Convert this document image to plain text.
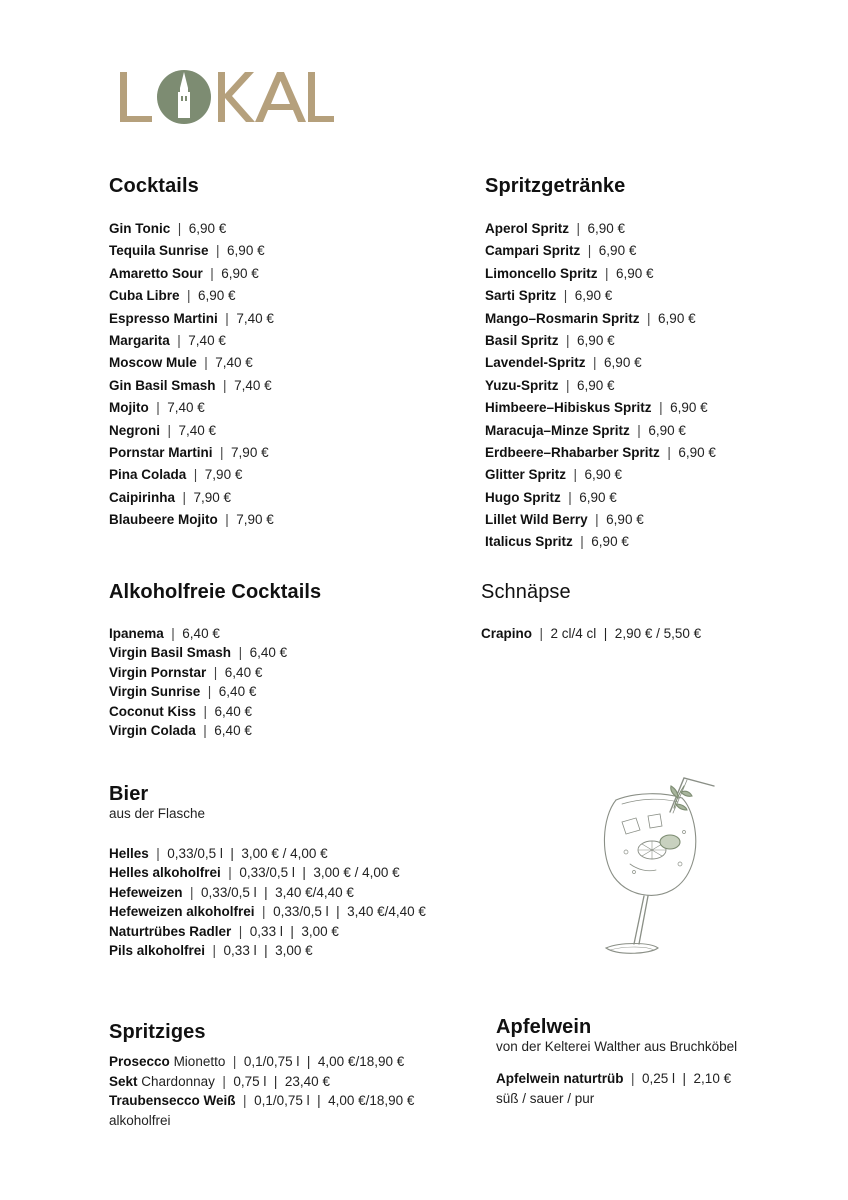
Cocktails
Gin Tonic  |  6,90 €
Tequila Sunrise  |  6,90 €
Amaretto Sour  |  6,90 €
Cuba Libre  |  6,90 €
Espresso Martini  |  7,40 €
Margarita  |  7,40 €
Moscow Mule  |  7,40 €
Gin Basil Smash  |  7,40 €
Mojito  |  7,40 €
Negroni  |  7,40 €
Pornstar Martini  |  7,90 €
Pina Colada  |  7,90 €
Caipirinha  |  7,90 €
Blaubeere Mojito  |  7,90 €
Spritzgetränke
Aperol Spritz  |  6,90 €
Campari Spritz  |  6,90 €
Limoncello Spritz  |  6,90 €
Sarti Spritz  |  6,90 €
Mango–Rosmarin Spritz  |  6,90 €
Basil Spritz  |  6,90 €
Lavendel-Spritz  |  6,90 €
Yuzu-Spritz  |  6,90 €
Himbeere–Hibiskus Spritz  |  6,90 €
Maracuja–Minze Spritz  |  6,90 €
Erdbeere–Rhabarber Spritz  |  6,90 €
Glitter Spritz  |  6,90 €
Hugo Spritz  |  6,90 €
Lillet Wild Berry  |  6,90 €
Italicus Spritz  |  6,90 €
Alkoholfreie Cocktails
Ipanema  |  6,40 €
Virgin Basil Smash  |  6,40 €
Virgin Pornstar  |  6,40 €
Virgin Sunrise  |  6,40 €
Coconut Kiss  |  6,40 €
Virgin Colada  |  6,40 €
Schnäpse
Crapino  |  2 cl/4 cl  |  2,90 € / 5,50 €
Bier

aus der Flasche

Helles  |  0,33/0,5 l  |  3,00 € / 4,00 €
Helles alkoholfrei  |  0,33/0,5 l  |  3,00 € / 4,00 €
Hefeweizen  |  0,33/0,5 l  |  3,40 €/4,40 €
Hefeweizen alkoholfrei  |  0,33/0,5 l  |  3,40 €/4,40 €
Naturtrübes Radler  |  0,33 l  |  3,00 €
Pils alkoholfrei  |  0,33 l  |  3,00 €
Spritziges
Prosecco Mionetto  |  0,1/0,75 l  |  4,00 €/18,90 €
Sekt Chardonnay  |  0,75 l  |  23,40 €
Traubensecco Weiß  |  0,1/0,75 l  |  4,00 €/18,90 €

alkoholfrei

Apfelwein

von der Kelterei Walther aus Bruchköbel

Apfelwein naturtrüb  |  0,25 l  |  2,10 €

süß / sauer / pur
